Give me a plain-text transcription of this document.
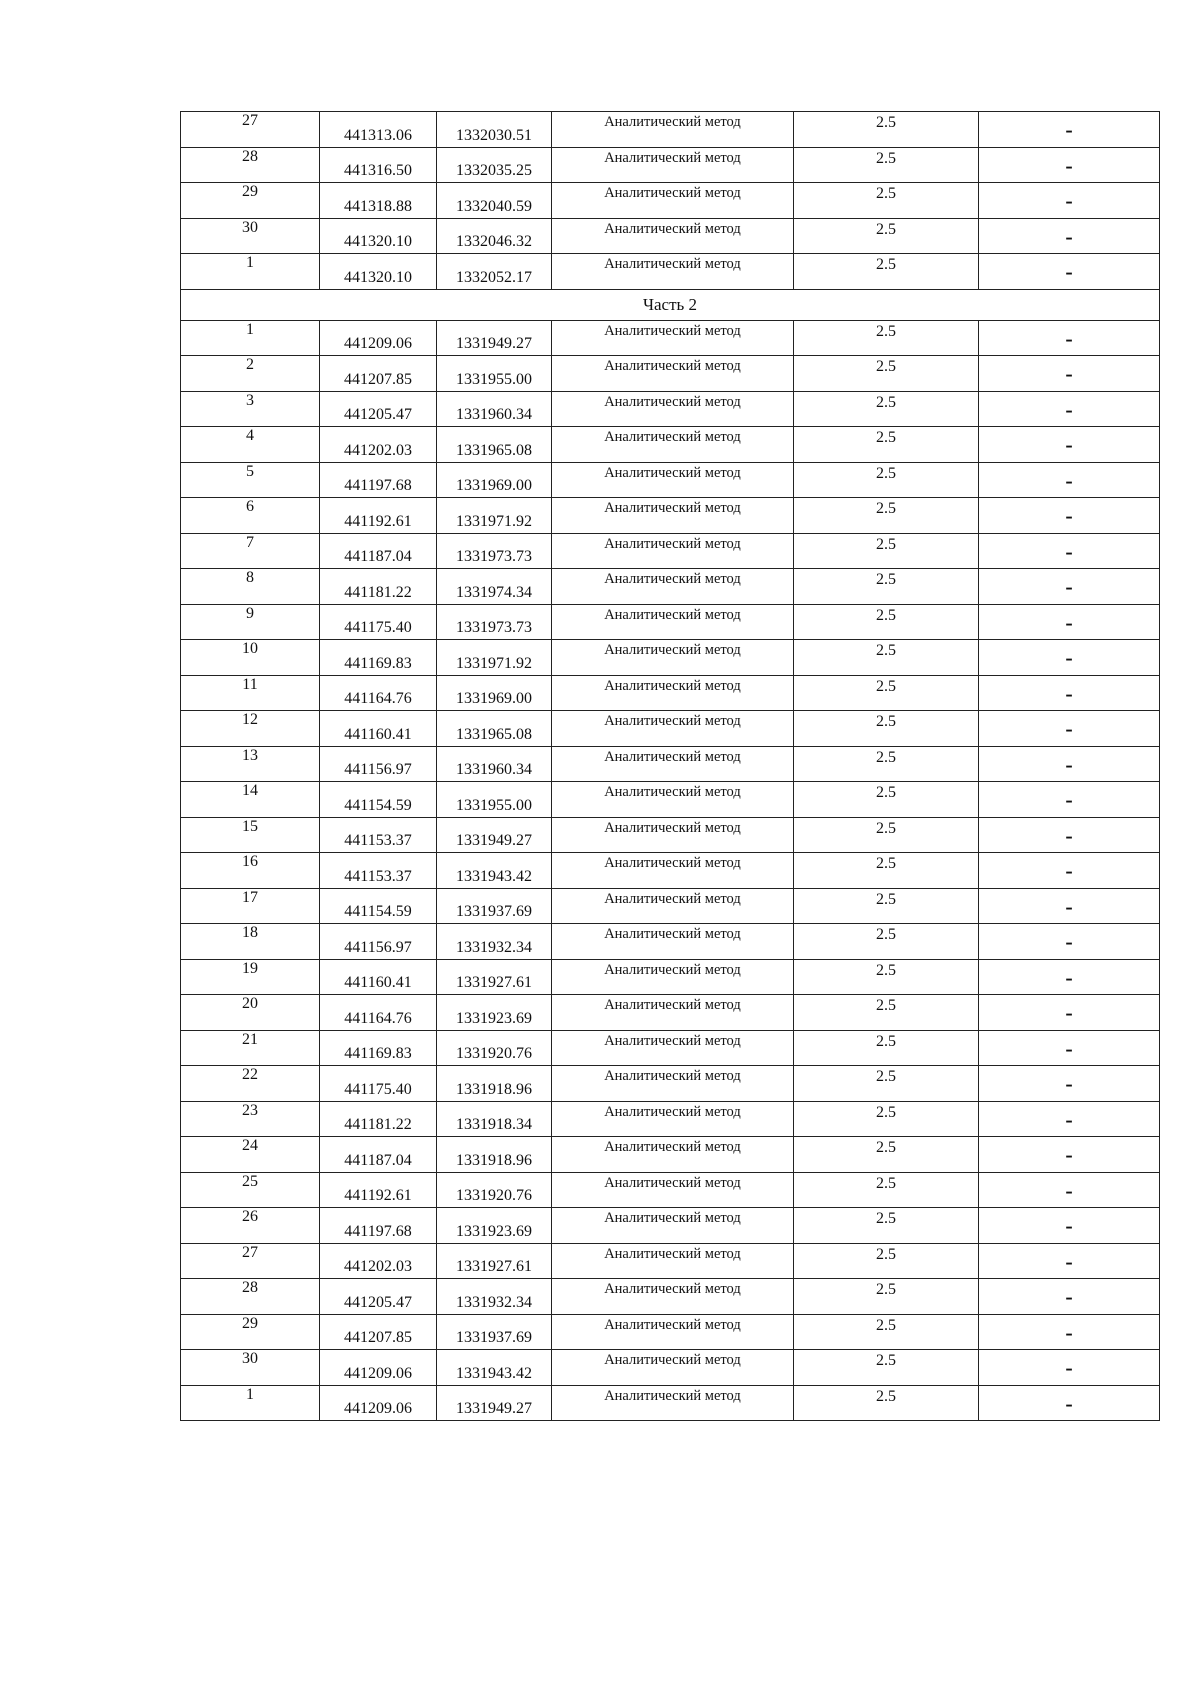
27	441313.06	1332030.51	Аналитический метод	2.5	-
28	441316.50	1332035.25	Аналитический метод	2.5	-
29	441318.88	1332040.59	Аналитический метод	2.5	-
30	441320.10	1332046.32	Аналитический метод	2.5	-
1	441320.10	1332052.17	Аналитический метод	2.5	-
Часть 2					
1	441209.06	1331949.27	Аналитический метод	2.5	-
2	441207.85	1331955.00	Аналитический метод	2.5	-
3	441205.47	1331960.34	Аналитический метод	2.5	-
4	441202.03	1331965.08	Аналитический метод	2.5	-
5	441197.68	1331969.00	Аналитический метод	2.5	-
6	441192.61	1331971.92	Аналитический метод	2.5	-
7	441187.04	1331973.73	Аналитический метод	2.5	-
8	441181.22	1331974.34	Аналитический метод	2.5	-
9	441175.40	1331973.73	Аналитический метод	2.5	-
10	441169.83	1331971.92	Аналитический метод	2.5	-
11	441164.76	1331969.00	Аналитический метод	2.5	-
12	441160.41	1331965.08	Аналитический метод	2.5	-
13	441156.97	1331960.34	Аналитический метод	2.5	-
14	441154.59	1331955.00	Аналитический метод	2.5	-
15	441153.37	1331949.27	Аналитический метод	2.5	-
16	441153.37	1331943.42	Аналитический метод	2.5	-
17	441154.59	1331937.69	Аналитический метод	2.5	-
18	441156.97	1331932.34	Аналитический метод	2.5	-
19	441160.41	1331927.61	Аналитический метод	2.5	-
20	441164.76	1331923.69	Аналитический метод	2.5	-
21	441169.83	1331920.76	Аналитический метод	2.5	-
22	441175.40	1331918.96	Аналитический метод	2.5	-
23	441181.22	1331918.34	Аналитический метод	2.5	-
24	441187.04	1331918.96	Аналитический метод	2.5	-
25	441192.61	1331920.76	Аналитический метод	2.5	-
26	441197.68	1331923.69	Аналитический метод	2.5	-
27	441202.03	1331927.61	Аналитический метод	2.5	-
28	441205.47	1331932.34	Аналитический метод	2.5	-
29	441207.85	1331937.69	Аналитический метод	2.5	-
30	441209.06	1331943.42	Аналитический метод	2.5	-
1	441209.06	1331949.27	Аналитический метод	2.5	-
